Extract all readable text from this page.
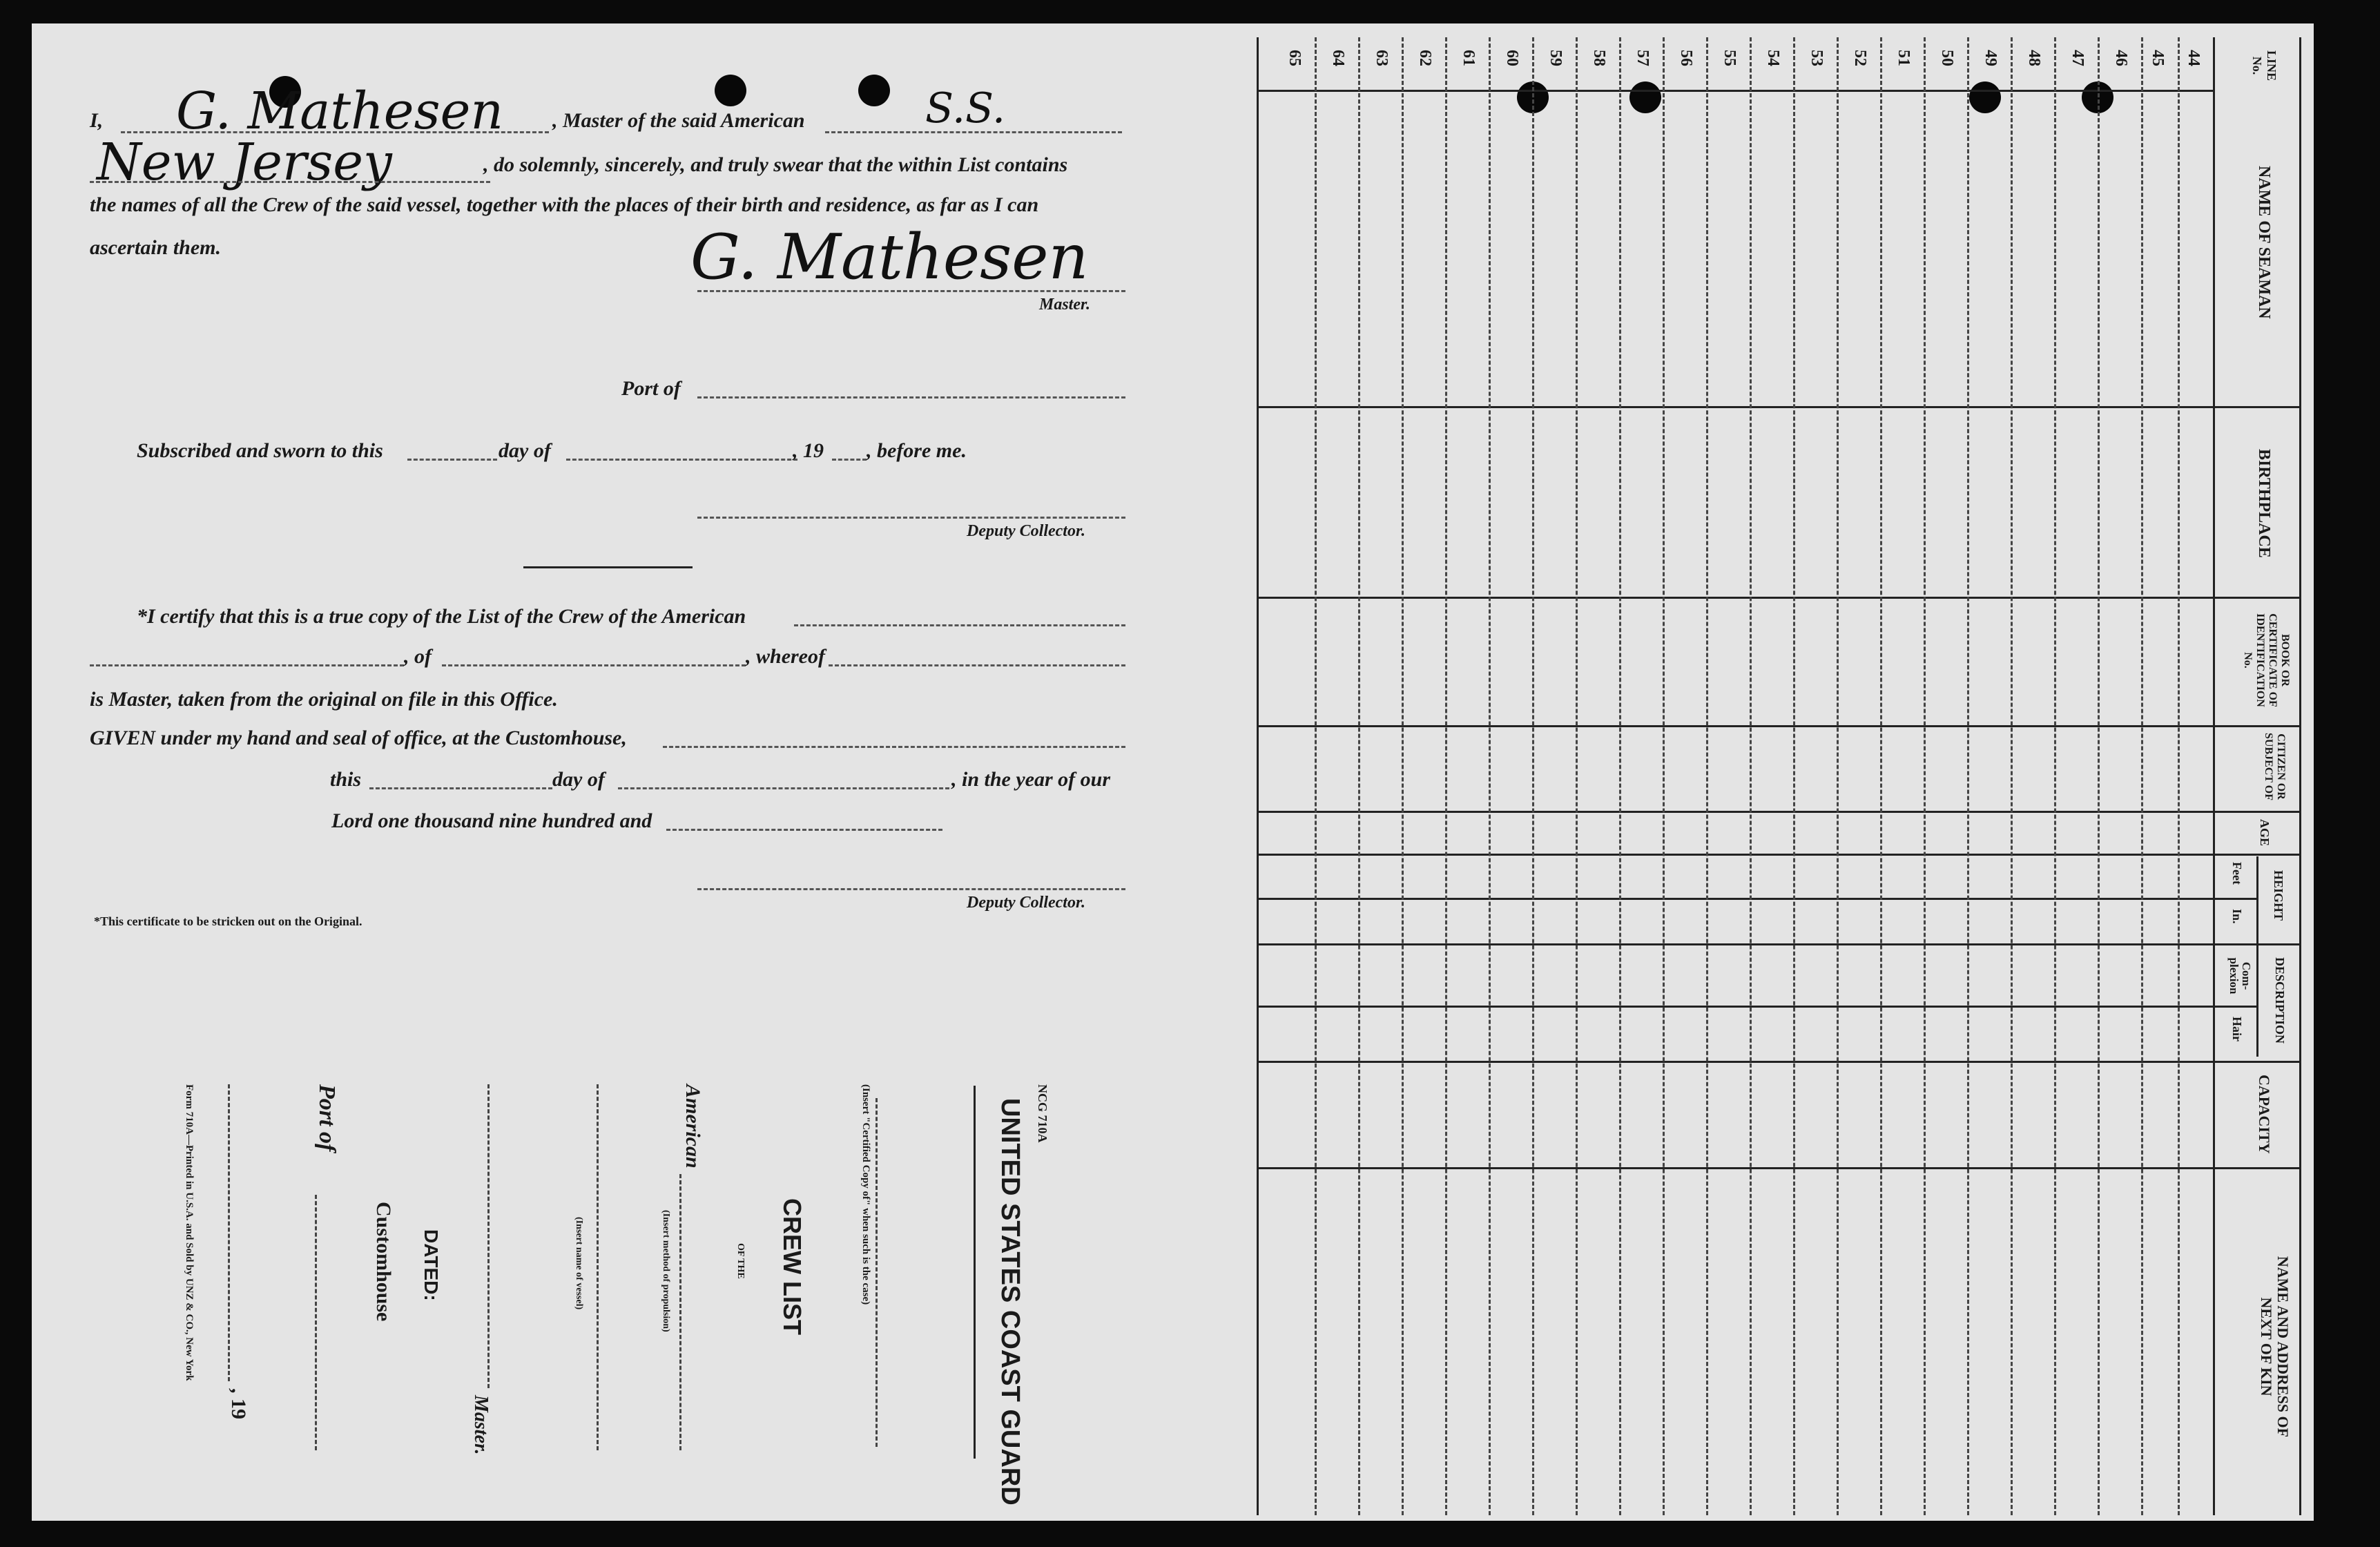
I, G. Mathesen , Master of the said American	S.S.
New Jersey	, do solemnly, sincerely, and truly swear that the within List contains
the names of all the Crew of the said vessel, together with the places of their birth and residence, as far as I can
ascertain them.	G. Mathesen
Master.
Port of
Subscribed and sworn to this	day of	, 19 , before me.
Deputy Collector.
*I certify that this is a true copy of the List of the Crew of the American
, of	, whereof
is Master, taken from the original on file in this Office.
GIVEN under my hand and seal of office, at the Customhouse,
this	day of	, in the year of our
Lord one thousand nine hundred and
Deputy Collector.
*This certificate to be stricken out on the Original.
NCG 710A
UNITED STATES COAST GUARD
(Insert "Certified Copy of" when such is the case)
CREW LIST
OF THE
American
(Insert method of propulsion)
(Insert name of vessel)
Master.
DATED:
Customhouse
Port of
, 19
Form 710A—Printed in U.S.A. and Sold by UNZ & CO., New York
44
45
46
47
48
49
50
51
52
53
54
55
56
57
58
59
60
61
62
63
64
65	LINE No.
NAME OF SEAMAN
BIRTHPLACE
BOOK OR CERTIFICATE OF IDENTIFICATION No.
CITIZEN OR SUBJECT OF
AGE
HEIGHT
Feet
In.
DESCRIPTION
Com-plexion
Hair
CAPACITY
NAME AND ADDRESS OF NEXT OF KIN
